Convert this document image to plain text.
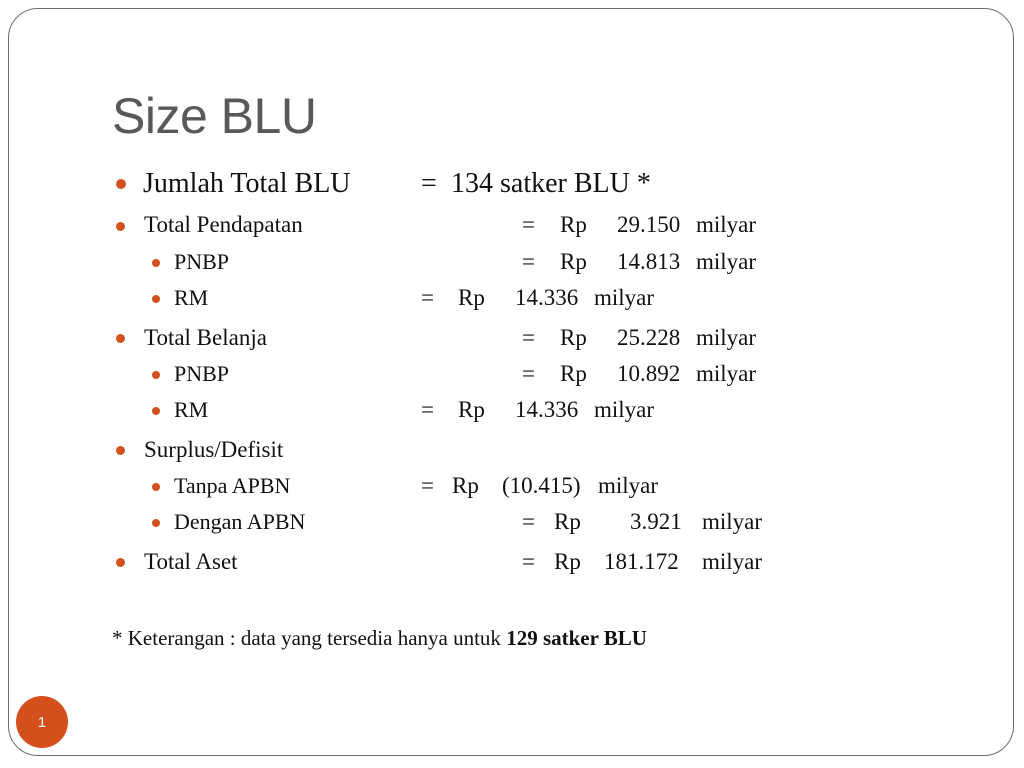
Size BLU
Jumlah Total BLU	= 134 satker BLU *
Total Pendapatan	= Rp 29.150 milyar
PNBP	= Rp 14.813 milyar
RM	= Rp 14.336 milyar
Total Belanja	= Rp 25.228 milyar
PNBP	= Rp 10.892 milyar
RM	= Rp 14.336 milyar
Surplus/Defisit
Tanpa APBN	= Rp (10.415) milyar
Dengan APBN	= Rp 3.921 milyar
Total Aset	= Rp 181.172 milyar
* Keterangan : data yang tersedia hanya untuk 129 satker BLU
1
